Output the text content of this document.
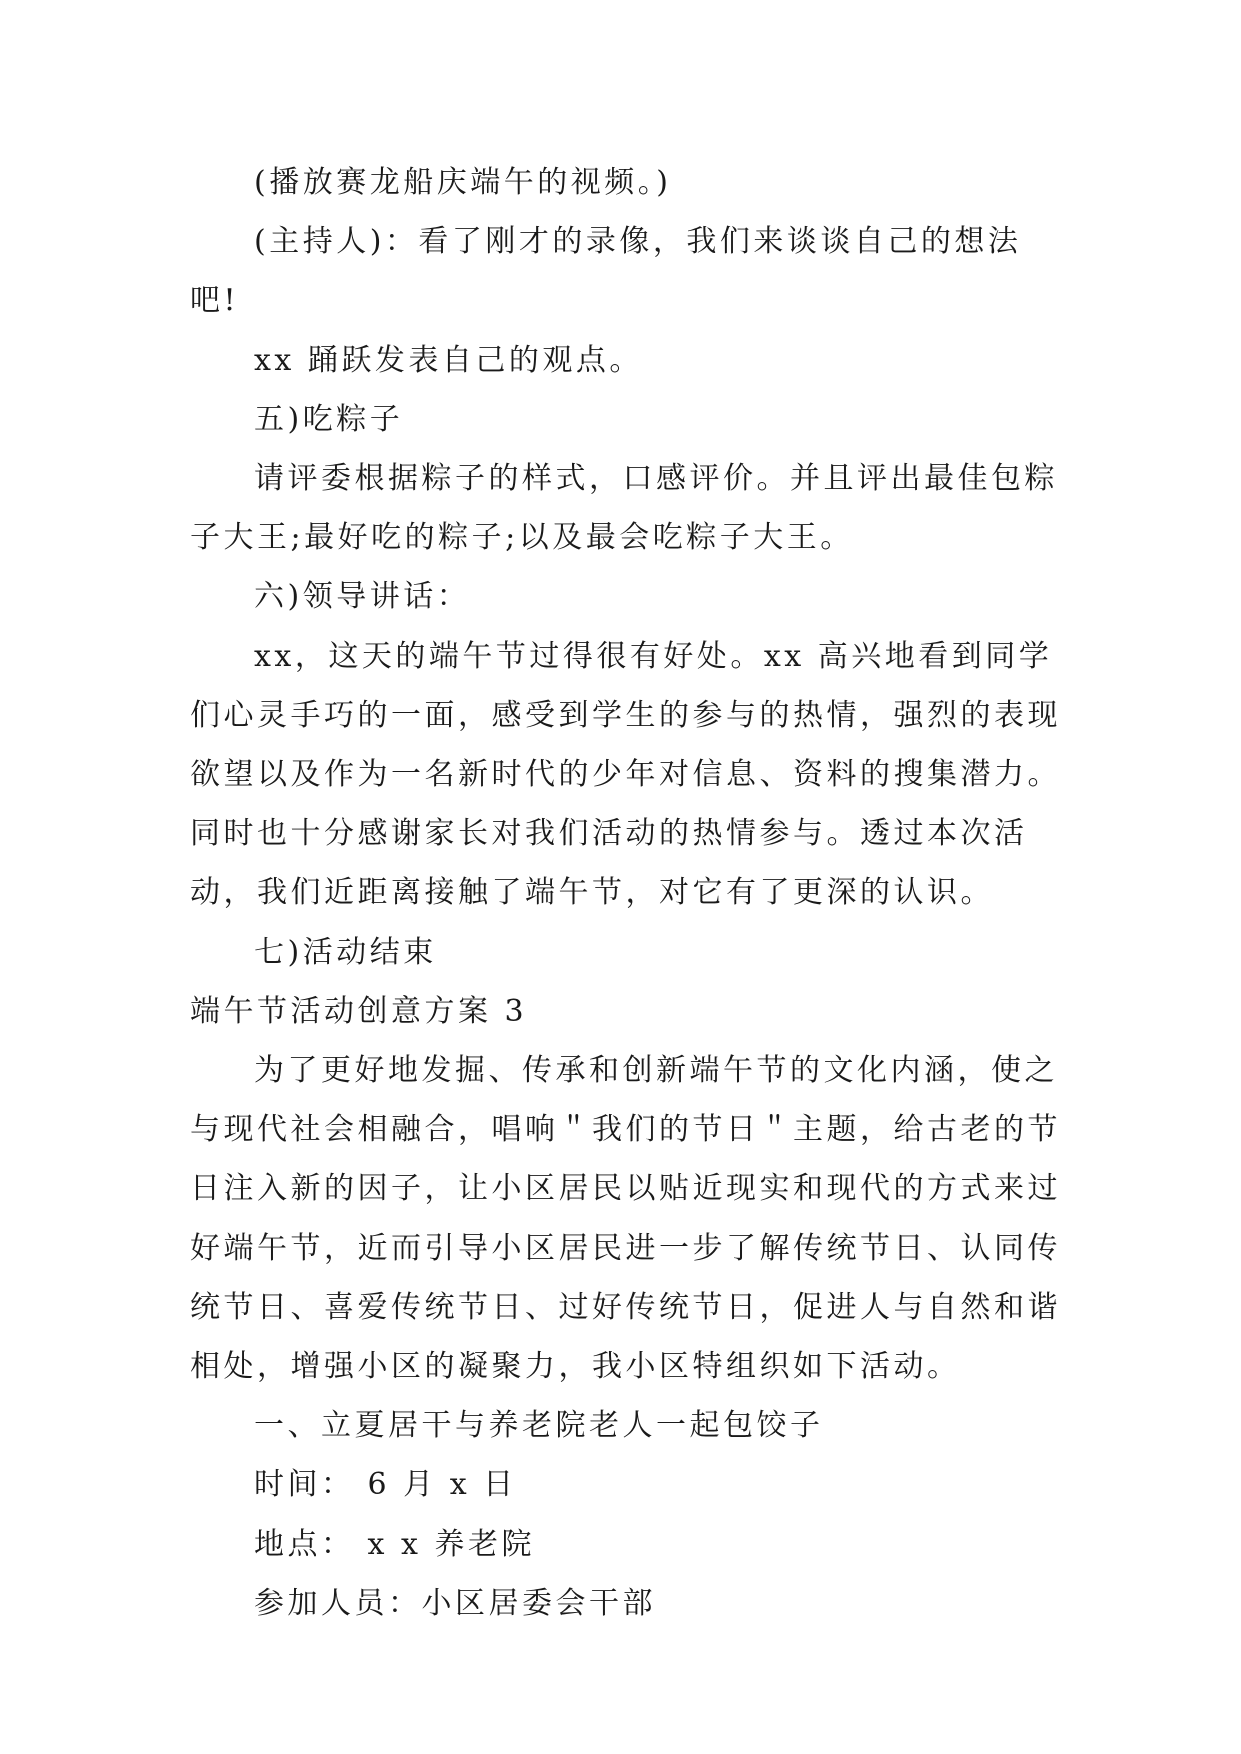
(播放赛龙船庆端午的视频。)

(主持人)：看了刚才的录像，我们来谈谈自己的想法吧!

xx 踊跃发表自己的观点。

五)吃粽子

请评委根据粽子的样式，口感评价。并且评出最佳包粽子大王;最好吃的粽子;以及最会吃粽子大王。

六)领导讲话：

xx，这天的端午节过得很有好处。xx 高兴地看到同学们心灵手巧的一面，感受到学生的参与的热情，强烈的表现欲望以及作为一名新时代的少年对信息、资料的搜集潜力。同时也十分感谢家长对我们活动的热情参与。透过本次活动，我们近距离接触了端午节，对它有了更深的认识。

七)活动结束

端午节活动创意方案 3

为了更好地发掘、传承和创新端午节的文化内涵，使之与现代社会相融合，唱响＂我们的节日＂主题，给古老的节日注入新的因子，让小区居民以贴近现实和现代的方式来过好端午节，近而引导小区居民进一步了解传统节日、认同传统节日、喜爱传统节日、过好传统节日，促进人与自然和谐相处，增强小区的凝聚力，我小区特组织如下活动。

一、立夏居干与养老院老人一起包饺子

时间： 6 月 x 日

地点： x x 养老院

参加人员：小区居委会干部
